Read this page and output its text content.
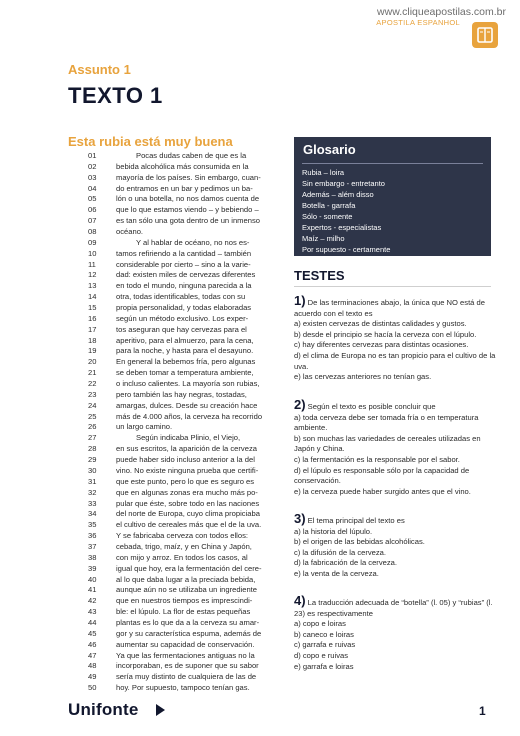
www.cliqueapostilas.com.br
APOSTILA ESPANHOL
Assunto 1
TEXTO 1
Esta rubia está muy buena
01	Pocas dudas caben de que es la
02	bebida alcohólica más consumida en la
03	mayoría de los países. Sin embargo, cuan-
04	do entramos en un bar y pedimos un ba-
05	lón o una botella, no nos damos cuenta de
06	que lo que estamos viendo – y bebiendo –
07	es tan sólo una gota dentro de un inmenso
08	océano.
09	Y al hablar de océano, no nos es-
10	tamos refiriendo a la cantidad – también
11	considerable por cierto – sino a la varie-
12	dad: existen miles de cervezas diferentes
13	en todo el mundo, ninguna parecida a la
14	otra, todas identificables, todas con su
15	propia personalidad, y todas elaboradas
16	según un método exclusivo. Los exper-
17	tos aseguran que hay cervezas para el
18	aperitivo, para el almuerzo, para la cena,
19	para la noche, y hasta para el desayuno.
20	En general la bebemos fría, pero algunas
21	se deben tomar a temperatura ambiente,
22	o incluso calientes. La mayoría son rubias,
23	pero también las hay negras, tostadas,
24	amargas, dulces. Desde su creación hace
25	más de 4.000 años, la cerveza ha recorrido
26	un largo camino.
27	Según indicaba Plinio, el Viejo,
28	en sus escritos, la aparición de la cerveza
29	puede haber sido incluso anterior a la del
30	vino. No existe ninguna prueba que certifi-
31	que este punto, pero lo que es seguro es
32	que en algunas zonas era mucho más po-
33	pular que éste, sobre todo en las naciones
34	del norte de Europa, cuyo clima propiciaba
35	el cultivo de cereales más que el de la uva.
36	Y se fabricaba cerveza con todos ellos:
37	cebada, trigo, maíz, y en China y Japón,
38	con mijo y arroz. En todos los casos, al
39	igual que hoy, era la fermentación del cere-
40	al lo que daba lugar a la preciada bebida,
41	aunque aún no se utilizaba un ingrediente
42	que en nuestros tiempos es imprescindi-
43	ble: el lúpulo. La flor de estas pequeñas
44	plantas es lo que da a la cerveza su amar-
45	gor y su característica espuma, además de
46	aumentar su capacidad de conservación.
47	Ya que las fermentaciones antiguas no la
48	incorporaban, es de suponer que su sabor
49	sería muy distinto de cualquiera de las de
50	hoy. Por supuesto, tampoco tenían gas.
Glosario
Rubia – loira
Sin embargo - entretanto
Además – além disso
Botella - garrafa
Sólo - somente
Expertos - especialistas
Maíz – milho
Por supuesto - certamente
TESTES
1) De las terminaciones abajo, la única que NO está de acuerdo con el texto es
a) existen cervezas de distintas calidades y gustos.
b) desde el principio se hacía la cerveza con el lúpulo.
c) hay diferentes cervezas para distintas ocasiones.
d) el clima de Europa no es tan propicio para el cultivo de la uva.
e) las cervezas anteriores no tenían gas.
2) Según el texto es posible concluir que
a) toda cerveza debe ser tomada fría o en temperatura ambiente.
b) son muchas las variedades de cereales utilizadas en Japón y China.
c) la fermentación es la responsable por el sabor.
d) el lúpulo es responsable sólo por la capacidad de conservación.
e) la cerveza puede haber surgido antes que el vino.
3) El tema principal del texto es
a) la historia del lúpulo.
b) el origen de las bebidas alcohólicas.
c) la difusión de la cerveza.
d) la fabricación de la cerveza.
e) la venta de la cerveza.
4) La traducción adecuada de “botella” (l. 05) y “rubias” (l. 23) es respectivamente
a) copo e loiras
b) caneco e loiras
c) garrafa e ruivas
d) copo e ruivas
e) garrafa e loiras
Unifonte	1
